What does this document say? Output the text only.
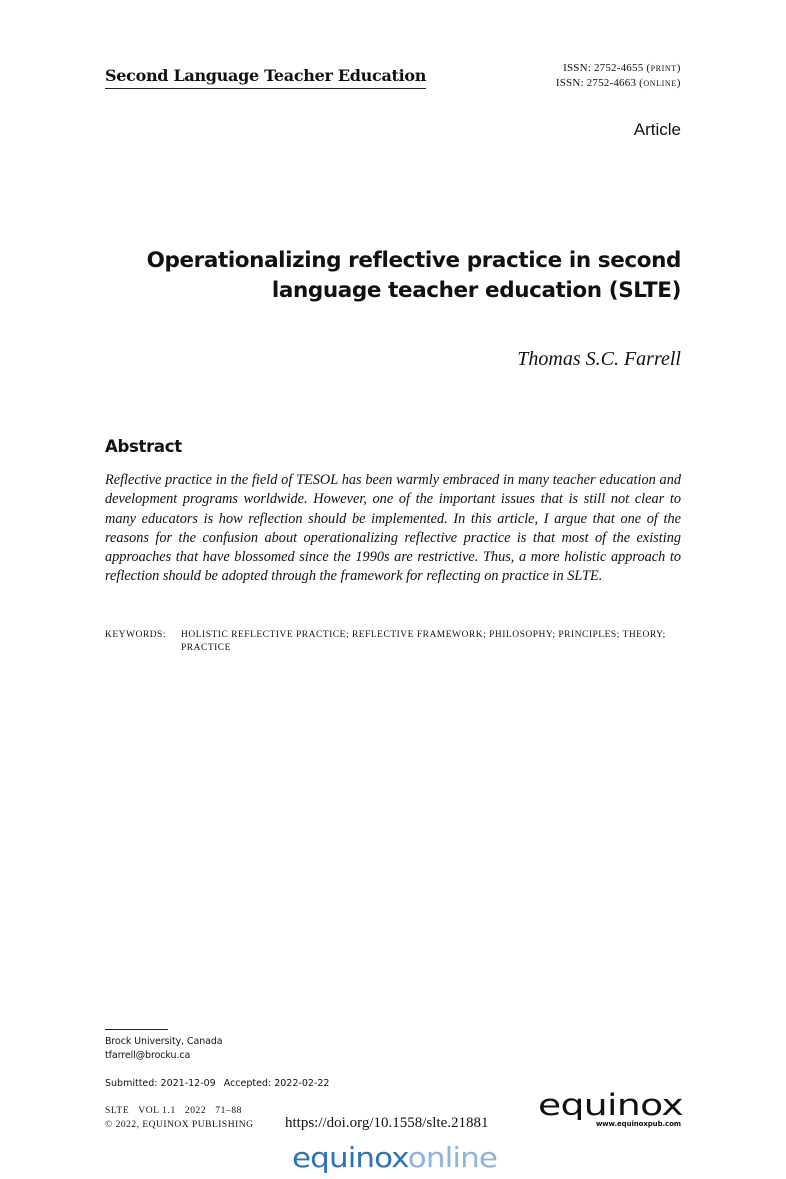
Second Language Teacher Education	ISSN: 2752-4655 (print)
ISSN: 2752-4663 (online)
Article
Operationalizing reflective practice in second language teacher education (SLTE)
Thomas S.C. Farrell
Abstract

Reflective practice in the field of TESOL has been warmly embraced in many teacher education and development programs worldwide. However, one of the important issues that is still not clear to many educators is how reflection should be implemented. In this article, I argue that one of the reasons for the confusion about operationalizing reflective practice is that most of the existing approaches that have blossomed since the 1990s are restrictive. Thus, a more holistic approach to reflection should be adopted through the framework for reflecting on practice in SLTE.

KEYWORDS:	HOLISTIC REFLECTIVE PRACTICE; REFLECTIVE FRAMEWORK; PHILOSOPHY; PRINCIPLES; THEORY; PRACTICE
Brock University, Canada
tfarrell@brocku.ca
Submitted: 2021-12-09 Accepted: 2022-02-22
SLTE VOL 1.1 2022 71–88
© 2022, EQUINOX PUBLISHING https://doi.org/10.1558/slte.21881
equinox
www.equinoxpub.com
equinox online
